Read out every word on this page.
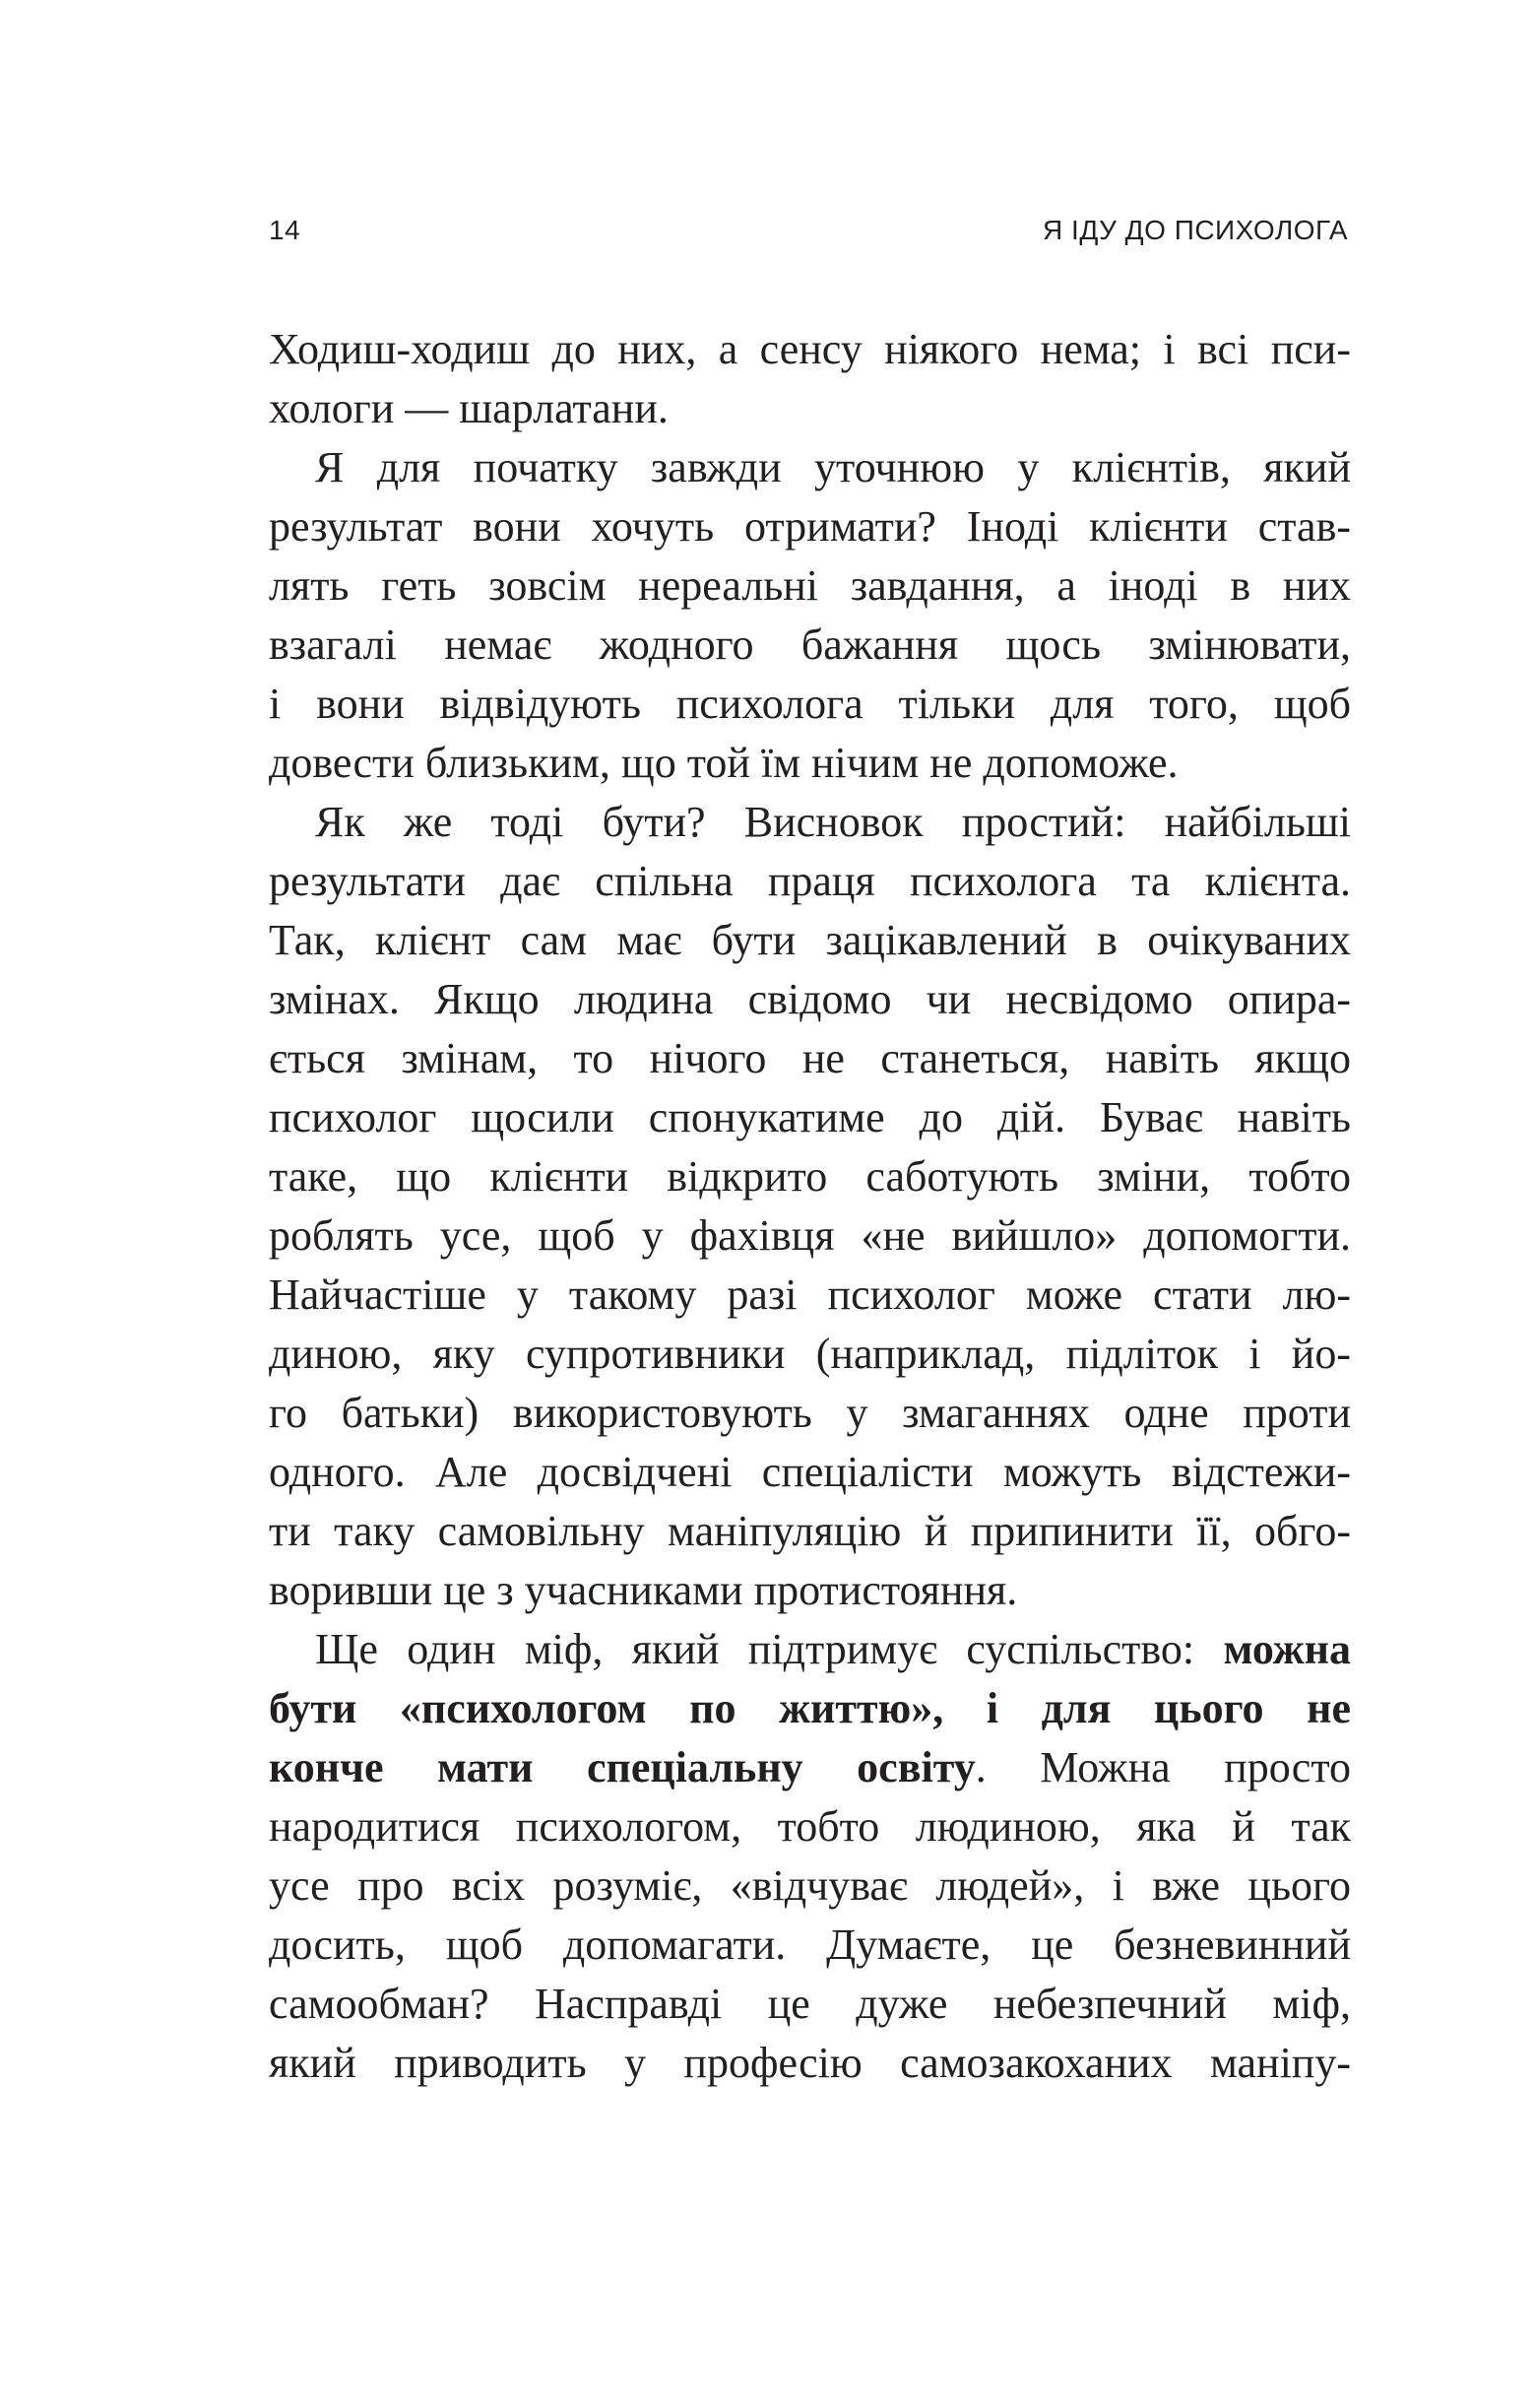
14	Я ІДУ ДО ПСИХОЛОГА
Ходиш-ходиш до них, а сенсу ніякого нема; і всі пси-
хологи — шарлатани.
Я для початку завжди уточнюю у клієнтів, який
результат вони хочуть отримати? Іноді клієнти став-
лять геть зовсім нереальні завдання, а іноді в них
взагалі немає жодного бажання щось змінювати,
і вони відвідують психолога тільки для того, щоб
довести близьким, що той їм нічим не допоможе.
Як же тоді бути? Висновок простий: найбільші
результати дає спільна праця психолога та клієнта.
Так, клієнт сам має бути зацікавлений в очікуваних
змінах. Якщо людина свідомо чи несвідомо опира-
ється змінам, то нічого не станеться, навіть якщо
психолог щосили спонукатиме до дій. Буває навіть
таке, що клієнти відкрито саботують зміни, тобто
роблять усе, щоб у фахівця «не вийшло» допомогти.
Найчастіше у такому разі психолог може стати лю-
диною, яку супротивники (наприклад, підліток і йо-
го батьки) використовують у змаганнях одне проти
одного. Але досвідчені спеціалісти можуть відстежи-
ти таку самовільну маніпуляцію й припинити її, обго-
воривши це з учасниками протистояння.
Ще один міф, який підтримує суспільство: можна
бути «психологом по життю», і для цього не
конче мати спеціальну освіту. Можна просто
народитися психологом, тобто людиною, яка й так
усе про всіх розуміє, «відчуває людей», і вже цього
досить, щоб допомагати. Думаєте, це безневинний
самообман? Насправді це дуже небезпечний міф,
який приводить у професію самозакоханих маніпу-
